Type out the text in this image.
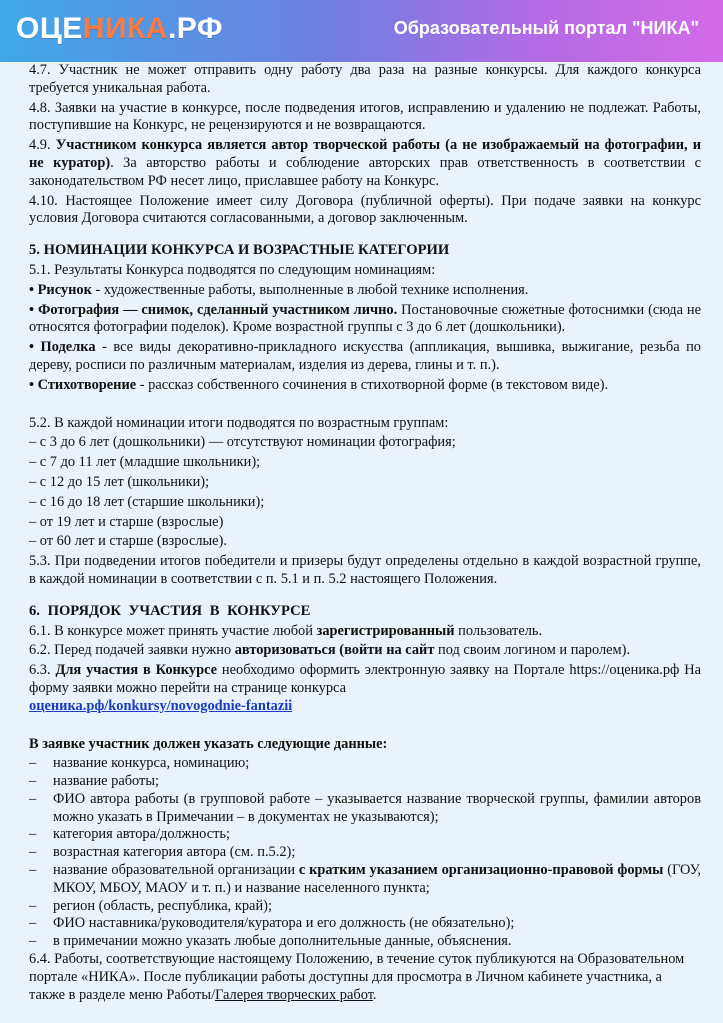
ОЦЕНИКА.РФ	Образовательный портал "НИКА"

4.7. Участник не может отправить одну работу два раза на разные конкурсы. Для каждого конкурса требуется уникальная работа.

4.8. Заявки на участие в конкурсе, после подведения итогов, исправлению и удалению не подлежат. Работы, поступившие на Конкурс, не рецензируются и не возвращаются.

4.9. Участником конкурса является автор творческой работы (а не изображаемый на фотографии, и не куратор). За авторство работы и соблюдение авторских прав ответственность в соответствии с законодательством РФ несет лицо, приславшее работу на Конкурс.

4.10. Настоящее Положение имеет силу Договора (публичной оферты). При подаче заявки на конкурс условия Договора считаются согласованными, а договор заключенным.

5. НОМИНАЦИИ КОНКУРСА И ВОЗРАСТНЫЕ КАТЕГОРИИ

5.1. Результаты Конкурса подводятся по следующим номинациям:

• Рисунок - художественные работы, выполненные в любой технике исполнения.

• Фотография — снимок, сделанный участником лично. Постановочные сюжетные фотоснимки (сюда не относятся фотографии поделок). Кроме возрастной группы с 3 до 6 лет (дошкольники).

• Поделка - все виды декоративно-прикладного искусства (аппликация, вышивка, выжигание, резьба по дереву, росписи по различным материалам, изделия из дерева, глины и т. п.).

• Стихотворение - рассказ собственного сочинения в стихотворной форме (в текстовом виде).

5.2. В каждой номинации итоги подводятся по возрастным группам:

– с 3 до 6 лет (дошкольники) — отсутствуют номинации фотография;

– с 7 до 11 лет (младшие школьники);

– с 12 до 15 лет (школьники);

– с 16 до 18 лет (старшие школьники);

– от 19 лет и старше (взрослые)

– от 60 лет и старше (взрослые).

5.3. При подведении итогов победители и призеры будут определены отдельно в каждой возрастной группе, в каждой номинации в соответствии с п. 5.1 и п. 5.2 настоящего Положения.

6. ПОРЯДОК УЧАСТИЯ В КОНКУРСЕ

6.1. В конкурсе может принять участие любой зарегистрированный пользователь.

6.2. Перед подачей заявки нужно авторизоваться (войти на сайт под своим логином и паролем).

6.3. Для участия в Конкурсе необходимо оформить электронную заявку на Портале https://оценика.рф На форму заявки можно перейти на странице конкурса
оценика.рф/konkursy/novogodnie-fantazii

В заявке участник должен указать следующие данные:

–	название конкурса, номинацию;
–	название работы;
–	ФИО автора работы (в групповой работе – указывается название творческой группы, фамилии авторов можно указать в Примечании – в документах не указываются);
–	категория автора/должность;
–	возрастная категория автора (см. п.5.2);
–	название образовательной организации с кратким указанием организационно-правовой формы (ГОУ, МКОУ, МБОУ, МАОУ и т. п.) и название населенного пункта;
–	регион (область, республика, край);
–	ФИО наставника/руководителя/куратора и его должность (не обязательно);
–	в примечании можно указать любые дополнительные данные, объяснения.

6.4. Работы, соответствующие настоящему Положению, в течение суток публикуются на Образовательном портале «НИКА». После публикации работы доступны для просмотра в Личном кабинете участника, а также в разделе меню Работы/Галерея творческих работ.
